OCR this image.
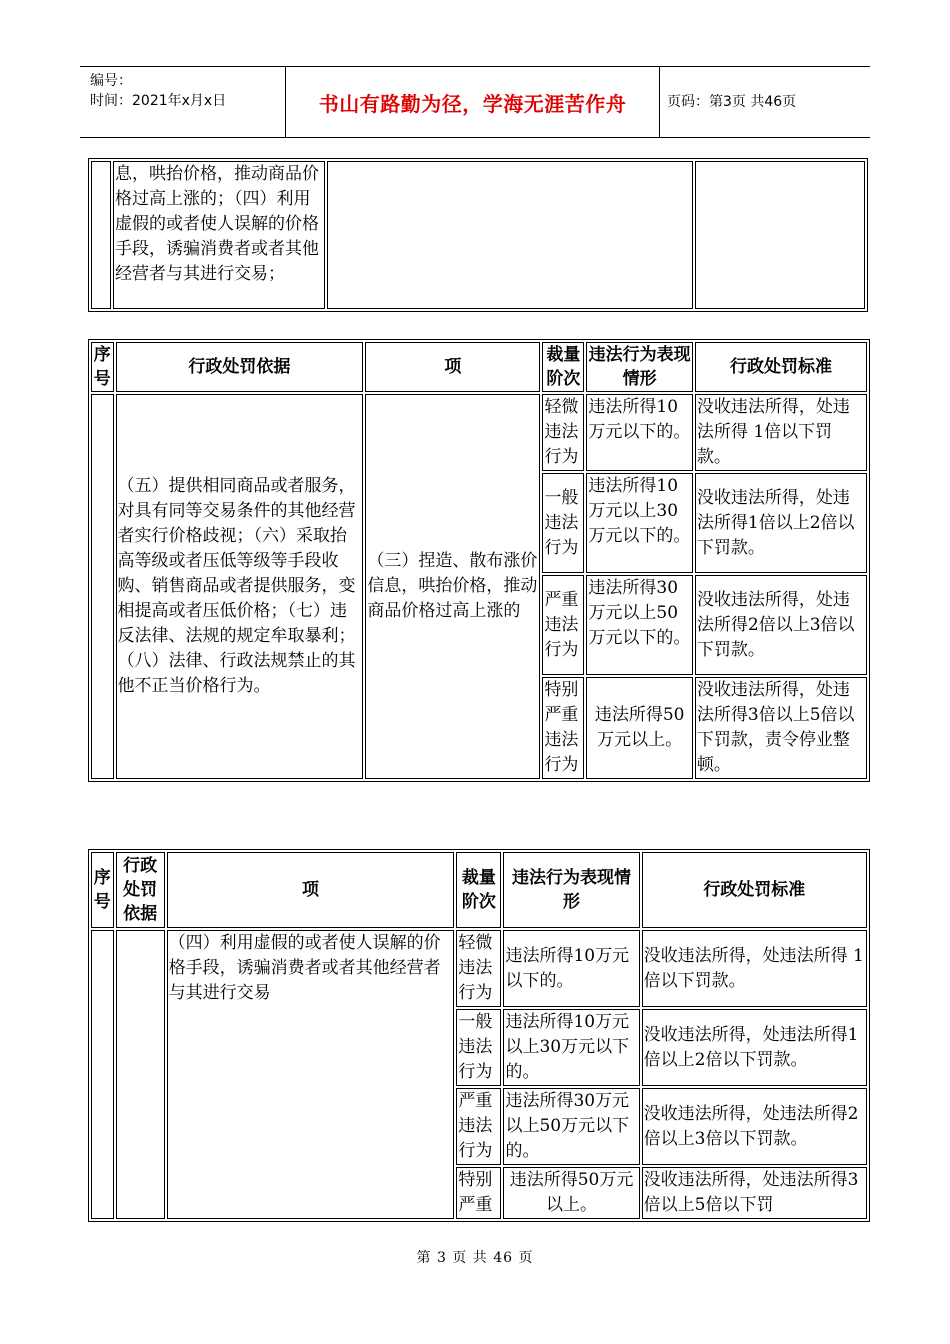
编号：
时间：2021年x月x日	书山有路勤为径，学海无涯苦作舟	页码：第3页 共46页
	息，哄抬价格，推动商品价格过高上涨的；（四）利用虚假的或者使人误解的价格手段，诱骗消费者或者其他经营者与其进行交易；		
序号	行政处罚依据	项	裁量阶次	违法行为表现情形	行政处罚标准
	（五）提供相同商品或者服务，对具有同等交易条件的其他经营者实行价格歧视；（六）采取抬高等级或者压低等级等手段收购、销售商品或者提供服务，变相提高或者压低价格；（七）违反法律、法规的规定牟取暴利；（八）法律、行政法规禁止的其他不正当价格行为。	（三）捏造、散布涨价信息，哄抬价格，推动商品价格过高上涨的	轻微违法行为	违法所得10万元以下的。	没收违法所得，处违法所得 1倍以下罚款。
			一般违法行为	违法所得10万元以上30万元以下的。	没收违法所得，处违法所得1倍以上2倍以下罚款。
			严重违法行为	违法所得30万元以上50万元以下的。	没收违法所得，处违法所得2倍以上3倍以下罚款。
			特别严重违法行为	违法所得50万元以上。	没收违法所得，处违法所得3倍以上5倍以下罚款，责令停业整顿。
序号	行政处罚依据	项	裁量阶次	违法行为表现情形	行政处罚标准
		（四）利用虚假的或者使人误解的价格手段，诱骗消费者或者其他经营者与其进行交易	轻微违法行为	违法所得10万元以下的。	没收违法所得，处违法所得 1倍以下罚款。
			一般违法行为	违法所得10万元以上30万元以下的。	没收违法所得，处违法所得1倍以上2倍以下罚款。
			严重违法行为	违法所得30万元以上50万元以下的。	没收违法所得，处违法所得2倍以上3倍以下罚款。
			特别严重	违法所得50万元以上。	没收违法所得，处违法所得3倍以上5倍以下罚
第 3 页 共 46 页
